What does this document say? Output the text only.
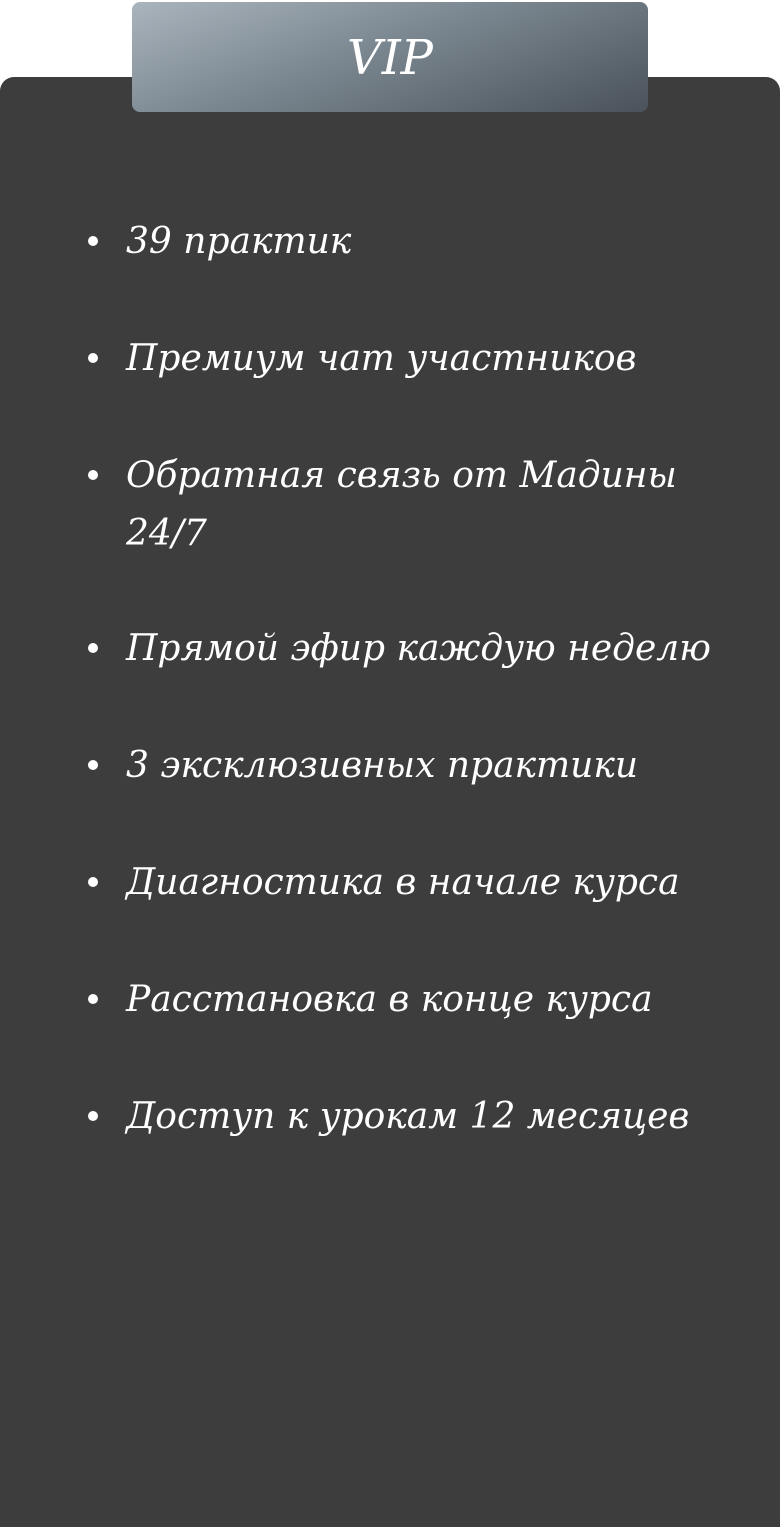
VIP
39 практик
Премиум чат участников
Обратная связь от Мадины 24/7
Прямой эфир каждую неделю
3 эксклюзивных практики
Диагностика в начале курса
Расстановка в конце курса
Доступ к урокам 12 месяцев
